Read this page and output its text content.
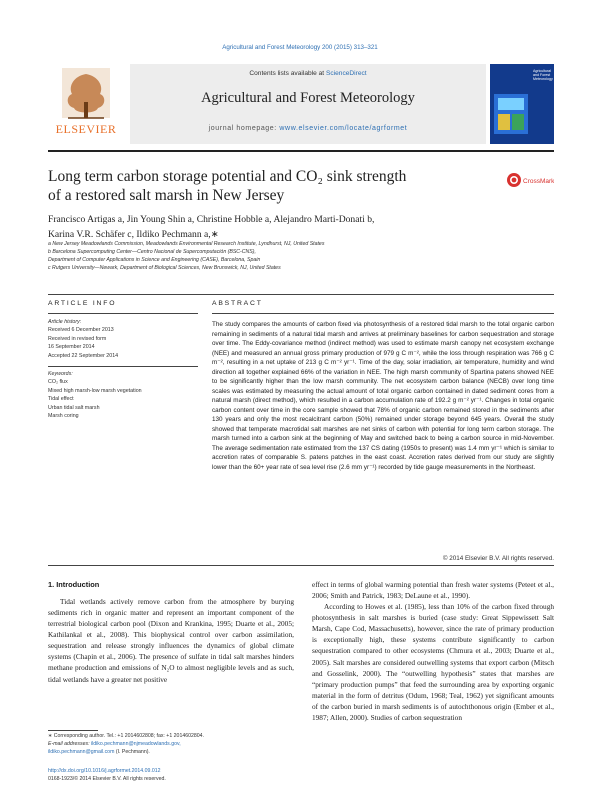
Agricultural and Forest Meteorology 200 (2015) 313–321
ELSEVIER
Contents lists available at ScienceDirect
Agricultural and Forest Meteorology
journal homepage: www.elsevier.com/locate/agrformet
Agricultural and Forest Meteorology
Long term carbon storage potential and CO₂ sink strength
of a restored salt marsh in New Jersey
CrossMark
Francisco Artigas a, Jin Young Shin a, Christine Hobble a, Alejandro Marti-Donati b,
Karina V.R. Schäfer c, Ildiko Pechmann a,∗
a New Jersey Meadowlands Commission, Meadowlands Environmental Research Institute, Lyndhurst, NJ, United States
b Barcelona Supercomputing Center—Centro Nacional de Supercomputación (BSC-CNS),
Department of Computer Applications in Science and Engineering (CASE), Barcelona, Spain
c Rutgers University—Newark, Department of Biological Sciences, New Brunswick, NJ, United States
ARTICLE INFO	ABSTRACT
Article history:
Received 6 December 2013
Received in revised form
16 September 2014
Accepted 22 September 2014
Keywords:
CO₂ flux
Mixed high marsh-low marsh vegetation
Tidal effect
Urban tidal salt marsh
Marsh coring
The study compares the amounts of carbon fixed via photosynthesis of a restored tidal marsh to the total organic carbon remaining in sediments of a natural tidal marsh and arrives at preliminary baselines for carbon sequestration and storage over time. The Eddy-covariance method (indirect method) was used to estimate marsh canopy net ecosystem exchange (NEE) and measured an annual gross primary production of 979 g C m⁻², while the loss through respiration was 766 g C m⁻², resulting in a net uptake of 213 g C m⁻² yr⁻¹. Time of the day, solar irradiation, air temperature, humidity and wind direction all together explained 66% of the variation in NEE. The high marsh community of Spartina patens showed NEE to be significantly higher than the low marsh community. The net ecosystem carbon balance (NECB) over long time scales was estimated by measuring the actual amount of total organic carbon contained in dated sediment cores from a natural marsh (direct method), which resulted in a carbon accumulation rate of 192.2 g m⁻² yr⁻¹. Changes in total organic carbon content over time in the core sample showed that 78% of organic carbon remained stored in the sediments after 130 years and only the most recalcitrant carbon (50%) remained under storage beyond 645 years. Overall the study showed that temperate macrotidal salt marshes are net sinks of carbon with potential for long term carbon storage. The marsh turned into a carbon sink at the beginning of May and switched back to being a carbon source in mid-November. The average sedimentation rate estimated from the 137 CS dating (1950s to present) was 1.4 mm yr⁻¹ which is similar to accretion rates of comparable S. patens patches in the east coast. Accretion rates derived from our study are slightly lower than the 60+ year rate of sea level rise (2.6 mm yr⁻¹) recorded by tide gauge measurements in the Northeast.
© 2014 Elsevier B.V. All rights reserved.
1. Introduction
Tidal wetlands actively remove carbon from the atmosphere by burying sediments rich in organic matter and represent an important component of the terrestrial biological carbon pool (Dixon and Krankina, 1995; Duarte et al., 2005; Kathilankal et al., 2008). This biophysical control over carbon assimilation, sequestration and release strongly influences the dynamics of global climate systems (Chapin et al., 2006). The presence of sulfate in tidal salt marshes hinders methane production and emissions of N₂O to almost negligible levels and as such, tidal wetlands have a greater net positive
effect in terms of global warming potential than fresh water systems (Peteet et al., 2006; Smith and Patrick, 1983; DeLaune et al., 1990).
According to Howes et al. (1985), less than 10% of the carbon fixed through photosynthesis in salt marshes is buried (case study: Great Sippewissett Salt Marsh, Cape Cod, Massachusetts), however, since the rate of primary production is exceptionally high, these systems contribute significantly to carbon sequestration compared to other ecosystems (Chmura et al., 2003; Duarte et al., 2005). Salt marshes are considered outwelling systems that export carbon (Mitsch and Gosselink, 2000). The “outwelling hypothesis” states that marshes are “primary production pumps” that feed the surrounding area by exporting organic material in the form of detritus (Odum, 1968; Teal, 1962) yet significant amounts of the carbon buried in marsh sediments is of autochthonous origin (Ember et al., 1987; Allen, 2000). Studies of carbon sequestration
∗ Corresponding author. Tel.: +1 2014602808; fax: +1 2014602804.
E-mail addresses: ildiko.pechmann@njmeadowlands.gov,
ildiko.pechmann@gmail.com (I. Pechmann).
http://dx.doi.org/10.1016/j.agrformet.2014.09.012
0168-1923/© 2014 Elsevier B.V. All rights reserved.
